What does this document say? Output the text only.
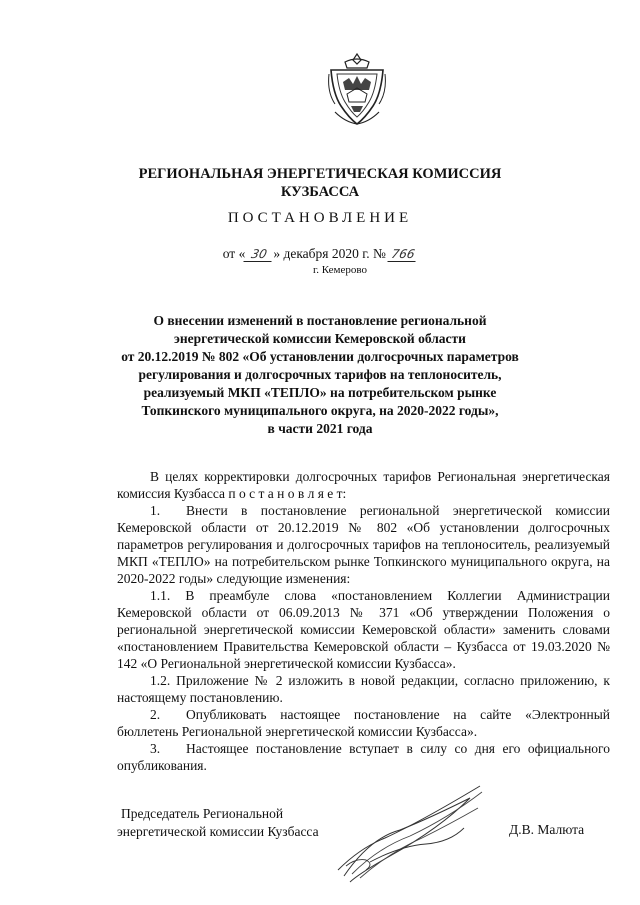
РЕГИОНАЛЬНАЯ ЭНЕРГЕТИЧЕСКАЯ КОМИССИЯ
КУЗБАССА
ПОСТАНОВЛЕНИЕ
от « 30 » декабря 2020 г. № 766
г. Кемерово
О внесении изменений в постановление региональной
энергетической комиссии Кемеровской области
от 20.12.2019 № 802 «Об установлении долгосрочных параметров
регулирования и долгосрочных тарифов на теплоноситель,
реализуемый МКП «ТЕПЛО» на потребительском рынке
Топкинского муниципального округа, на 2020-2022 годы»,
в части 2021 года

В целях корректировки долгосрочных тарифов Региональная энергетическая комиссия Кузбасса п о с т а н о в л я е т:

1. Внести в постановление региональной энергетической комиссии Кемеровской области от 20.12.2019 № 802 «Об установлении долгосрочных параметров регулирования и долгосрочных тарифов на теплоноситель, реализуемый МКП «ТЕПЛО» на потребительском рынке Топкинского муниципального округа, на 2020-2022 годы» следующие изменения:

1.1. В преамбуле слова «постановлением Коллегии Администрации Кемеровской области от 06.09.2013 № 371 «Об утверждении Положения о региональной энергетической комиссии Кемеровской области» заменить словами «постановлением Правительства Кемеровской области – Кузбасса от 19.03.2020 № 142 «О Региональной энергетической комиссии Кузбасса».

1.2. Приложение № 2 изложить в новой редакции, согласно приложению, к настоящему постановлению.

2. Опубликовать настоящее постановление на сайте «Электронный бюллетень Региональной энергетической комиссии Кузбасса».

3. Настоящее постановление вступает в силу со дня его официального опубликования.

Председатель Региональной
энергетической комиссии Кузбасса	Д.В. Малюта
